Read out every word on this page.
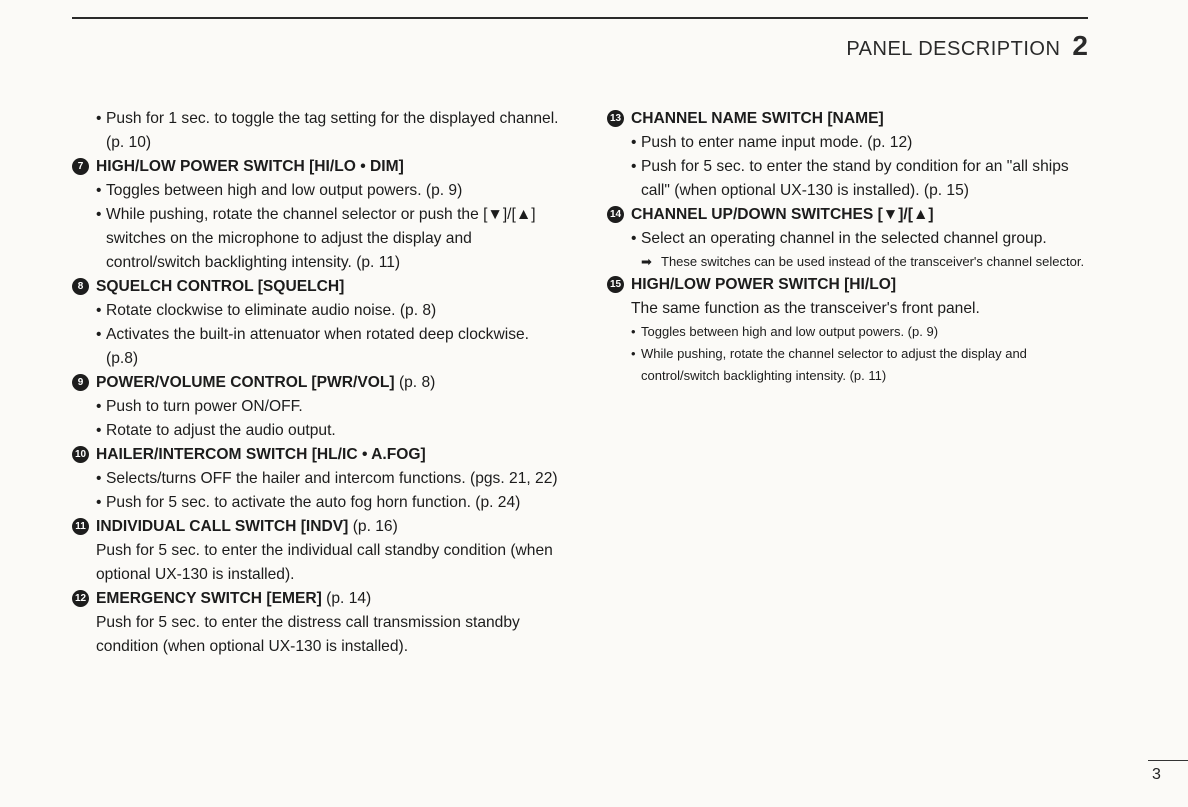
PANEL DESCRIPTION 2
• Push for 1 sec. to toggle the tag setting for the displayed channel. (p. 10)
7 HIGH/LOW POWER SWITCH [HI/LO • DIM]
• Toggles between high and low output powers. (p. 9)
• While pushing, rotate the channel selector or push the [▼]/[▲] switches on the microphone to adjust the display and control/switch backlighting intensity. (p. 11)
8 SQUELCH CONTROL [SQUELCH]
• Rotate clockwise to eliminate audio noise. (p. 8)
• Activates the built-in attenuator when rotated deep clockwise. (p.8)
9 POWER/VOLUME CONTROL [PWR/VOL] (p. 8)
• Push to turn power ON/OFF.
• Rotate to adjust the audio output.
10 HAILER/INTERCOM SWITCH [HL/IC • A.FOG]
• Selects/turns OFF the hailer and intercom functions. (pgs. 21, 22)
• Push for 5 sec. to activate the auto fog horn function. (p. 24)
11 INDIVIDUAL CALL SWITCH [INDV] (p. 16)
Push for 5 sec. to enter the individual call standby condition (when optional UX-130 is installed).
12 EMERGENCY SWITCH [EMER] (p. 14)
Push for 5 sec. to enter the distress call transmission standby condition (when optional UX-130 is installed).
13 CHANNEL NAME SWITCH [NAME]
• Push to enter name input mode. (p. 12)
• Push for 5 sec. to enter the stand by condition for an "all ships call" (when optional UX-130 is installed). (p. 15)
14 CHANNEL UP/DOWN SWITCHES [▼]/[▲]
• Select an operating channel in the selected channel group.
➡ These switches can be used instead of the transceiver's channel selector.
15 HIGH/LOW POWER SWITCH [HI/LO]
The same function as the transceiver's front panel.
• Toggles between high and low output powers. (p. 9)
• While pushing, rotate the channel selector to adjust the display and control/switch backlighting intensity. (p. 11)
3
